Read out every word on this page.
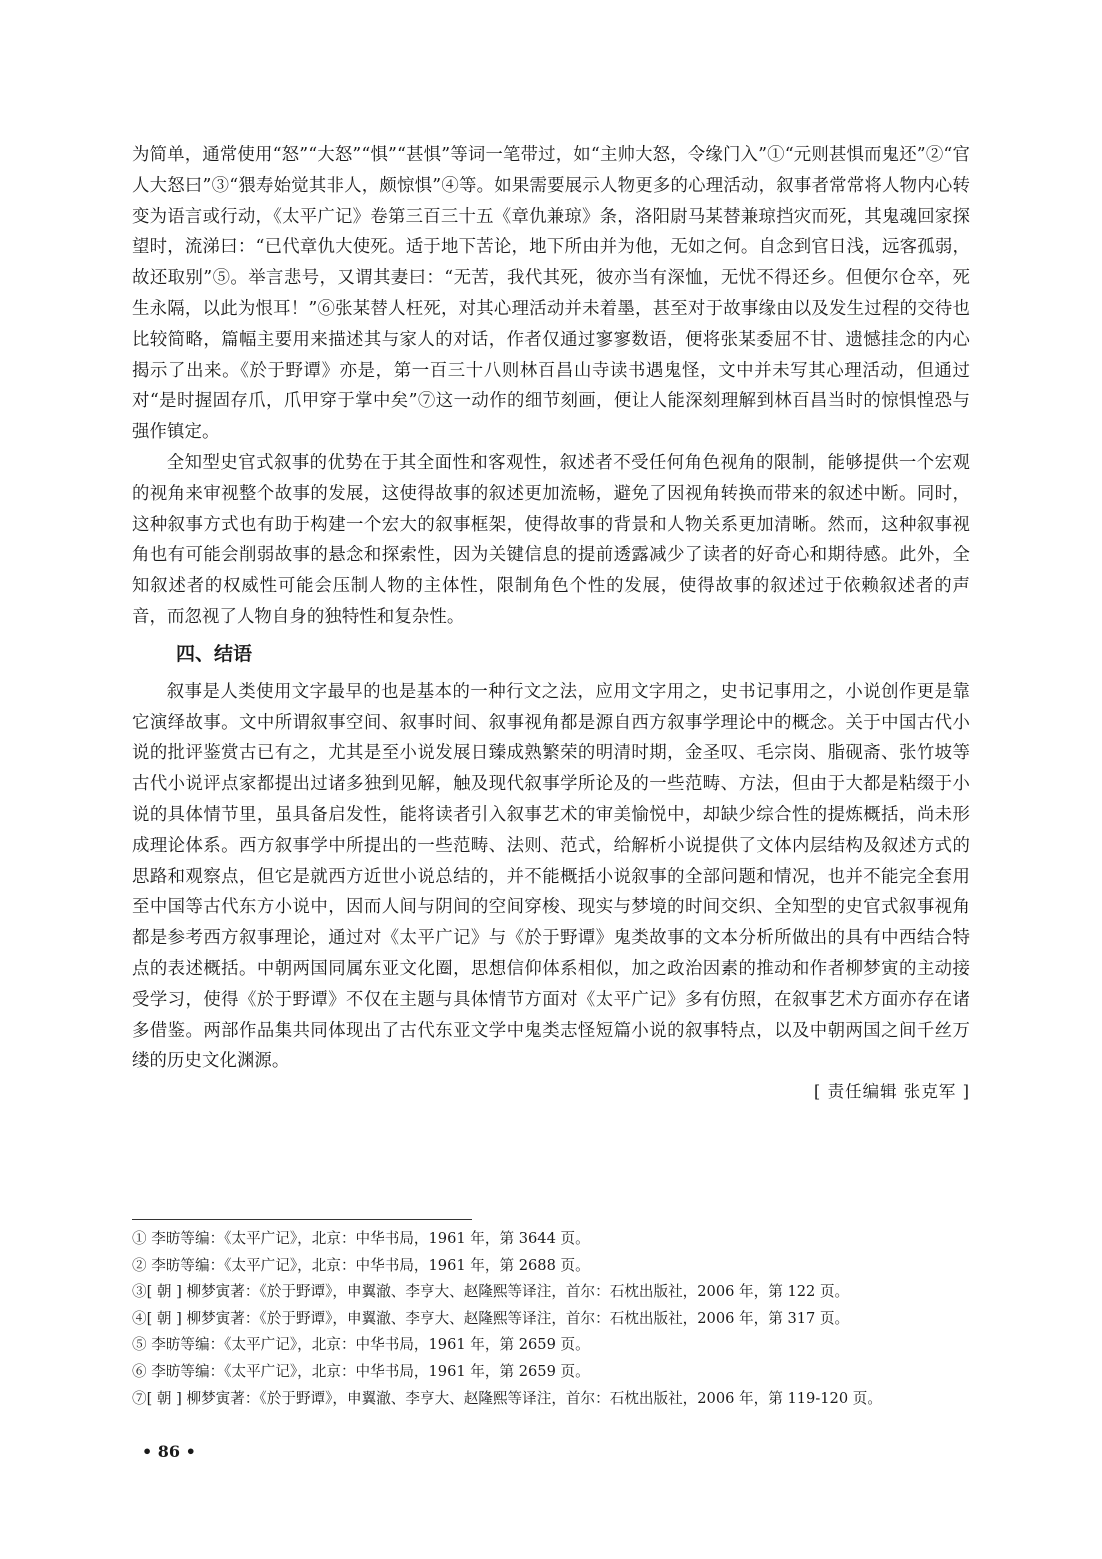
为简单，通常使用“怒”“大怒”“惧”“甚惧”等词一笔带过，如“主帅大怒，令缘门入”①“元则甚惧而鬼还”②“官人大怒曰”③“猥寿始觉其非人，颇惊惧”④等。如果需要展示人物更多的心理活动，叙事者常常将人物内心转变为语言或行动，《太平广记》卷第三百三十五《章仇兼琼》条，洛阳尉马某替兼琼挡灾而死，其鬼魂回家探望时，流涕曰：“已代章仇大使死。适于地下苦论，地下所由并为他，无如之何。自念到官日浅，远客孤弱，故还取别”⑤。举言悲号，又谓其妻曰：“无苦，我代其死，彼亦当有深恤，无忧不得还乡。但便尔仓卒，死生永隔，以此为恨耳！”⑥张某替人枉死，对其心理活动并未着墨，甚至对于故事缘由以及发生过程的交待也比较简略，篇幅主要用来描述其与家人的对话，作者仅通过寥寥数语，便将张某委屈不甘、遗憾挂念的内心揭示了出来。《於于野谭》亦是，第一百三十八则林百昌山寺读书遇鬼怪，文中并未写其心理活动，但通过对“是时握固存爪，爪甲穿于掌中矣”⑦这一动作的细节刻画，便让人能深刻理解到林百昌当时的惊惧惶恐与强作镇定。

全知型史官式叙事的优势在于其全面性和客观性，叙述者不受任何角色视角的限制，能够提供一个宏观的视角来审视整个故事的发展，这使得故事的叙述更加流畅，避免了因视角转换而带来的叙述中断。同时，这种叙事方式也有助于构建一个宏大的叙事框架，使得故事的背景和人物关系更加清晰。然而，这种叙事视角也有可能会削弱故事的悬念和探索性，因为关键信息的提前透露减少了读者的好奇心和期待感。此外，全知叙述者的权威性可能会压制人物的主体性，限制角色个性的发展，使得故事的叙述过于依赖叙述者的声音，而忽视了人物自身的独特性和复杂性。

四、结语

叙事是人类使用文字最早的也是基本的一种行文之法，应用文字用之，史书记事用之，小说创作更是靠它演绎故事。文中所谓叙事空间、叙事时间、叙事视角都是源自西方叙事学理论中的概念。关于中国古代小说的批评鉴赏古已有之，尤其是至小说发展日臻成熟繁荣的明清时期，金圣叹、毛宗岗、脂砚斋、张竹坡等古代小说评点家都提出过诸多独到见解，触及现代叙事学所论及的一些范畴、方法，但由于大都是粘缀于小说的具体情节里，虽具备启发性，能将读者引入叙事艺术的审美愉悦中，却缺少综合性的提炼概括，尚未形成理论体系。西方叙事学中所提出的一些范畴、法则、范式，给解析小说提供了文体内层结构及叙述方式的思路和观察点，但它是就西方近世小说总结的，并不能概括小说叙事的全部问题和情况，也并不能完全套用至中国等古代东方小说中，因而人间与阴间的空间穿梭、现实与梦境的时间交织、全知型的史官式叙事视角都是参考西方叙事理论，通过对《太平广记》与《於于野谭》鬼类故事的文本分析所做出的具有中西结合特点的表述概括。中朝两国同属东亚文化圈，思想信仰体系相似，加之政治因素的推动和作者柳梦寅的主动接受学习，使得《於于野谭》不仅在主题与具体情节方面对《太平广记》多有仿照，在叙事艺术方面亦存在诸多借鉴。两部作品集共同体现出了古代东亚文学中鬼类志怪短篇小说的叙事特点，以及中朝两国之间千丝万缕的历史文化渊源。

[ 责任编辑 张克军 ]

① 李昉等编：《太平广记》，北京：中华书局，1961 年，第 3644 页。

② 李昉等编：《太平广记》，北京：中华书局，1961 年，第 2688 页。

③[ 朝 ] 柳梦寅著：《於于野谭》，申翼澈、李亨大、赵隆熙等译注，首尔：石枕出版社，2006 年，第 122 页。

④[ 朝 ] 柳梦寅著：《於于野谭》，申翼澈、李亨大、赵隆熙等译注，首尔：石枕出版社，2006 年，第 317 页。

⑤ 李昉等编：《太平广记》，北京：中华书局，1961 年，第 2659 页。

⑥ 李昉等编：《太平广记》，北京：中华书局，1961 年，第 2659 页。

⑦[ 朝 ] 柳梦寅著：《於于野谭》，申翼澈、李亨大、赵隆熙等译注，首尔：石枕出版社，2006 年，第 119-120 页。

• 86 •
